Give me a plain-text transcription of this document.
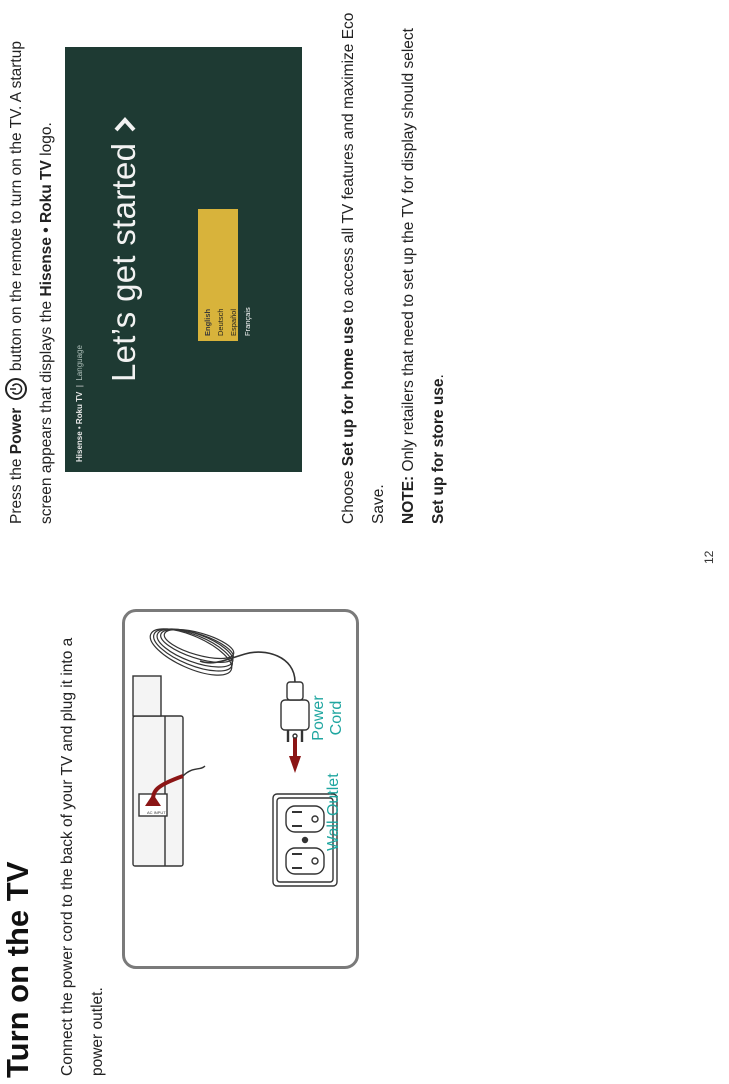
Turn on the TV	Connect the power cord to the back of your TV and plug it into a power outlet.
AC INPUT	Wall Outlet
Power Cord
Press the Power
button on the remote to turn on the TV. A startup screen appears that displays the Hisense • Roku TV logo.
Hisense • Roku TV  |  Language Let’s get started	English Deutsch Español Français
Choose Set up for home use to access all TV features and maximize Eco Save. NOTE: Only retailers that need to set up the TV for display should select Set up for store use.
12
